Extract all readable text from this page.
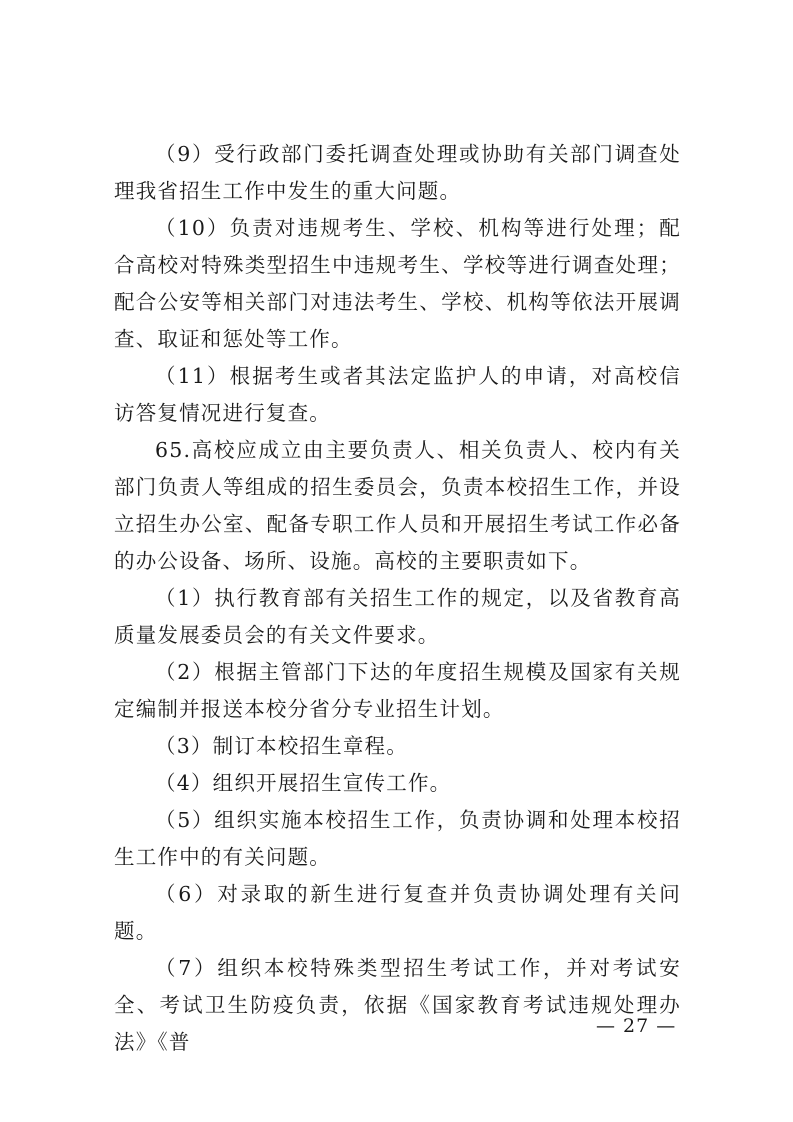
（9）受行政部门委托调查处理或协助有关部门调查处理我省招生工作中发生的重大问题。

（10）负责对违规考生、学校、机构等进行处理；配合高校对特殊类型招生中违规考生、学校等进行调查处理；配合公安等相关部门对违法考生、学校、机构等依法开展调查、取证和惩处等工作。

（11）根据考生或者其法定监护人的申请，对高校信访答复情况进行复查。

65.高校应成立由主要负责人、相关负责人、校内有关部门负责人等组成的招生委员会，负责本校招生工作，并设立招生办公室、配备专职工作人员和开展招生考试工作必备的办公设备、场所、设施。高校的主要职责如下。

（1）执行教育部有关招生工作的规定，以及省教育高质量发展委员会的有关文件要求。

（2）根据主管部门下达的年度招生规模及国家有关规定编制并报送本校分省分专业招生计划。

（3）制订本校招生章程。

（4）组织开展招生宣传工作。

（5）组织实施本校招生工作，负责协调和处理本校招生工作中的有关问题。

（6）对录取的新生进行复查并负责协调处理有关问题。

（7）组织本校特殊类型招生考试工作，并对考试安全、考试卫生防疫负责，依据《国家教育考试违规处理办法》《普

— 27 —
